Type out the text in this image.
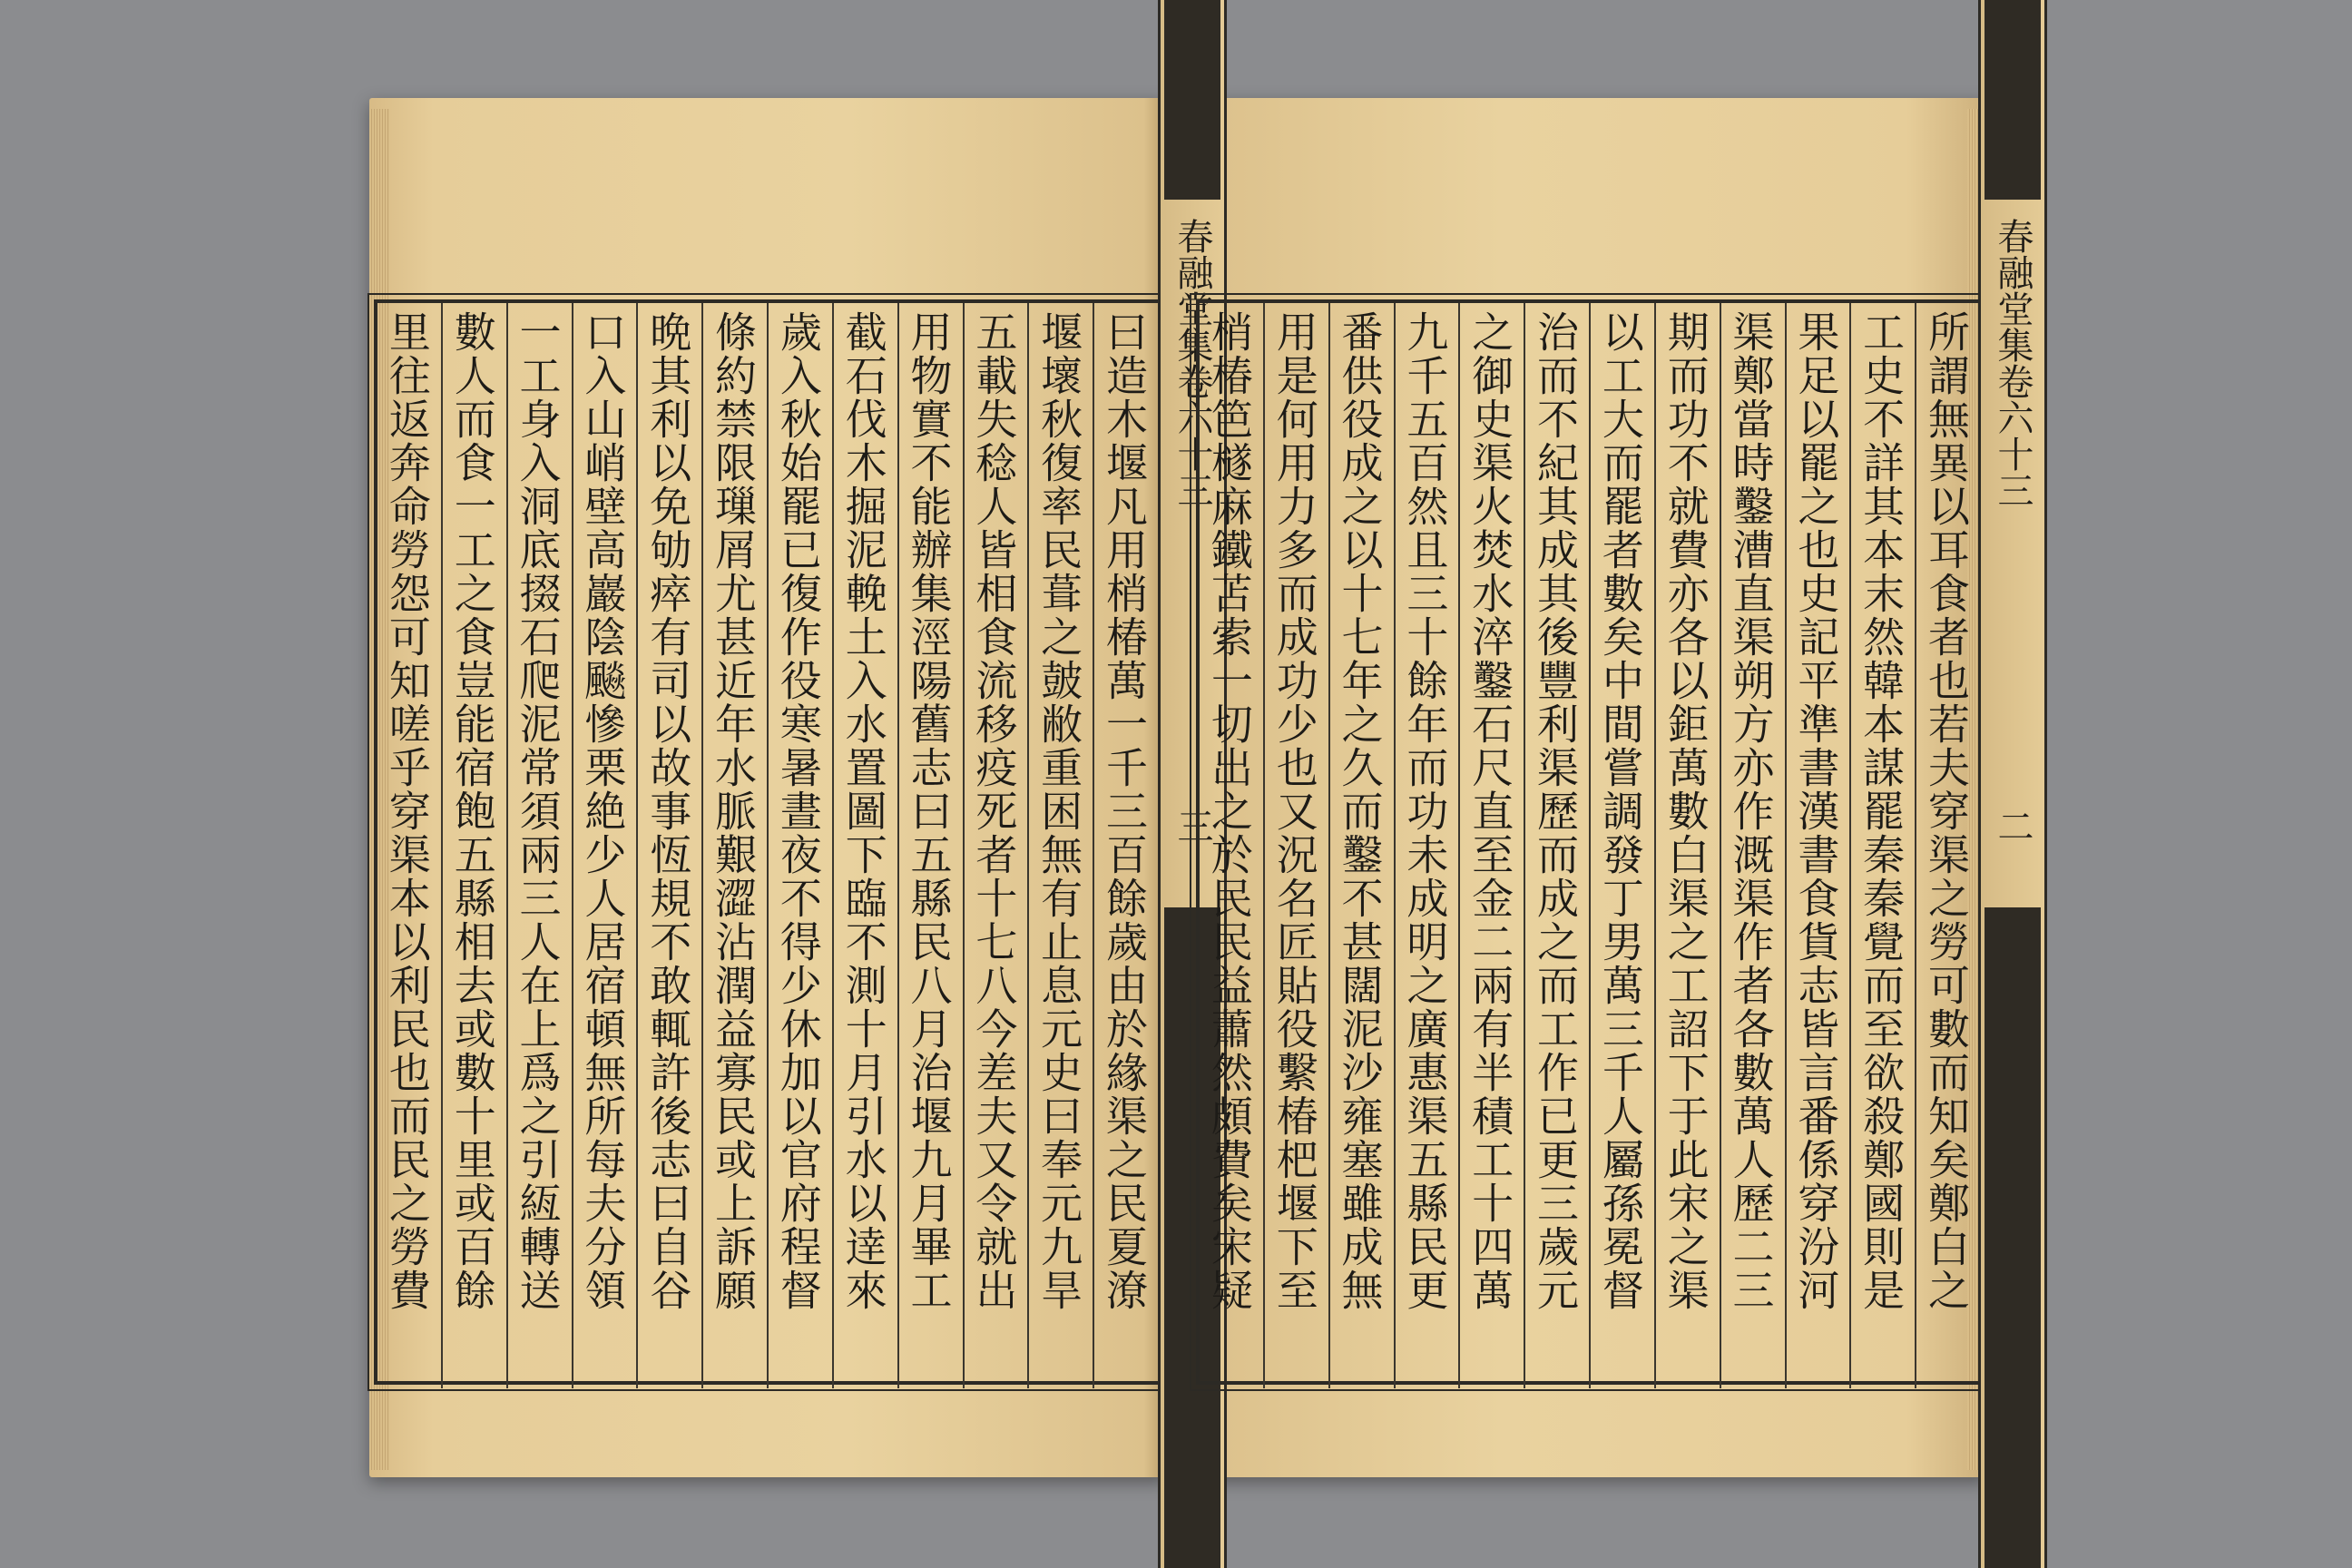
曰造木堰凡用梢椿萬一千三百餘歲由於緣渠之民夏潦
堰壞秋復率民葺之皷敝重困無有止息元史曰奉元九旱
五載失稔人皆相食流移疫死者十七八今差夫又令就出
用物實不能辦集涇陽舊志曰五縣民八月治堰九月畢工
截石伐木掘泥輓土入水置圖下臨不測十月引水以逹來
歲入秋始罷已復作役寒暑晝夜不得少休加以官府程督
條約禁限璅屑尤甚近年水脈艱澀沾潤益寡民或上訴願
晩其利以免劬瘁有司以故事恆規不敢輒許後志曰自谷
口入山峭壁高巖陰飈慘栗絶少人居宿頓無所每夫分領
一工身入洞底掇石爬泥常須兩三人在上爲之引絚轉送
數人而食一工之食豈能宿飽五縣相去或數十里或百餘
里往返奔命勞怨可知嗟乎穿渠本以利民也而民之勞費	春融堂集卷六十三
三	所謂無異以耳食者也若夫穿渠之勞可數而知矣鄭白之
工史不詳其本末然韓本謀罷秦秦覺而至欲殺鄭國則是
果足以罷之也史記平準書漢書食貨志皆言番係穿汾河
渠鄭當時鑿漕直渠朔方亦作溉渠作者各數萬人歷二三
期而功不就費亦各以鉅萬數白渠之工詔下于此宋之渠
以工大而罷者數矣中間嘗調發丁男萬三千人屬孫冕督
治而不紀其成其後豐利渠歷而成之而工作已更三歲元
之御史渠火焚水淬鑿石尺直至金二兩有半積工十四萬
九千五百然且三十餘年而功未成明之廣惠渠五縣民更
番供役成之以十七年之久而鑿不甚闊泥沙雍塞雖成無
用是何用力多而成功少也又況名匠貼役繫椿杷堰下至
梢椿笆檖麻鐵苫索一切出之於民民益蕭然頗費矣宋疑	春融堂集卷六十三
二
